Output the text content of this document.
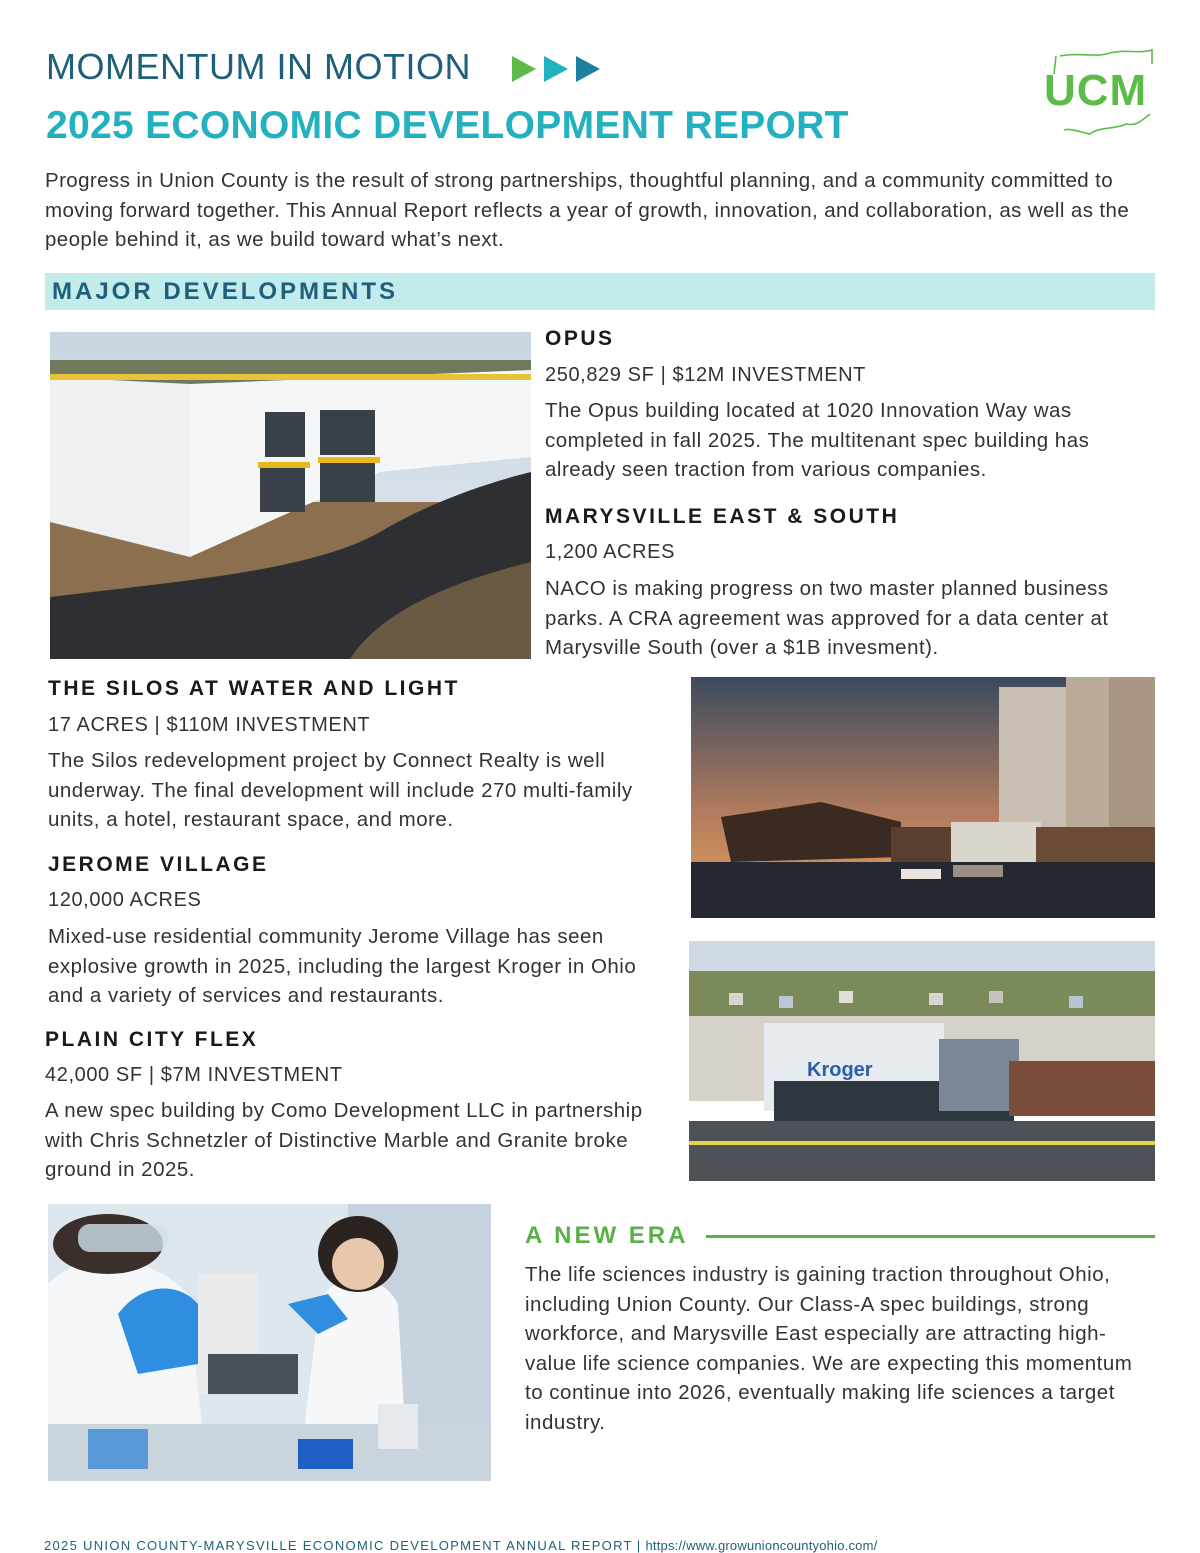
MOMENTUM IN MOTION
2025 ECONOMIC DEVELOPMENT REPORT
UCM
Progress in Union County is the result of strong partnerships, thoughtful planning, and a community committed to moving forward together. This Annual Report reflects a year of growth, innovation, and collaboration, as well as the people behind it, as we build toward what’s next.
MAJOR DEVELOPMENTS
OPUS
250,829 SF | $12M INVESTMENT
The Opus building located at 1020 Innovation Way was completed in fall 2025. The multitenant spec building has already seen traction from various companies.
MARYSVILLE EAST & SOUTH
1,200 ACRES
NACO is making progress on two master planned business parks. A CRA agreement was approved for a data center at Marysville South (over a $1B invesment).
THE SILOS AT WATER AND LIGHT
17 ACRES | $110M INVESTMENT
The Silos redevelopment project by Connect Realty is well underway. The final development will include 270 multi-family units, a hotel, restaurant space, and more.
JEROME VILLAGE
120,000 ACRES
Mixed-use residential community Jerome Village has seen explosive growth in 2025, including the largest Kroger in Ohio and a variety of services and restaurants.
Kroger
PLAIN CITY FLEX
42,000 SF | $7M INVESTMENT
A new spec building by Como Development LLC in partnership with Chris Schnetzler of Distinctive Marble and Granite broke ground in 2025.
A NEW ERA
The life sciences industry is gaining traction throughout Ohio, including Union County. Our Class-A spec buildings, strong workforce, and Marysville East especially are attracting high-value life science companies. We are expecting this momentum to continue into 2026, eventually making life sciences a target industry.
2025 UNION COUNTY-MARYSVILLE ECONOMIC DEVELOPMENT ANNUAL REPORT | https://www.growunioncountyohio.com/
